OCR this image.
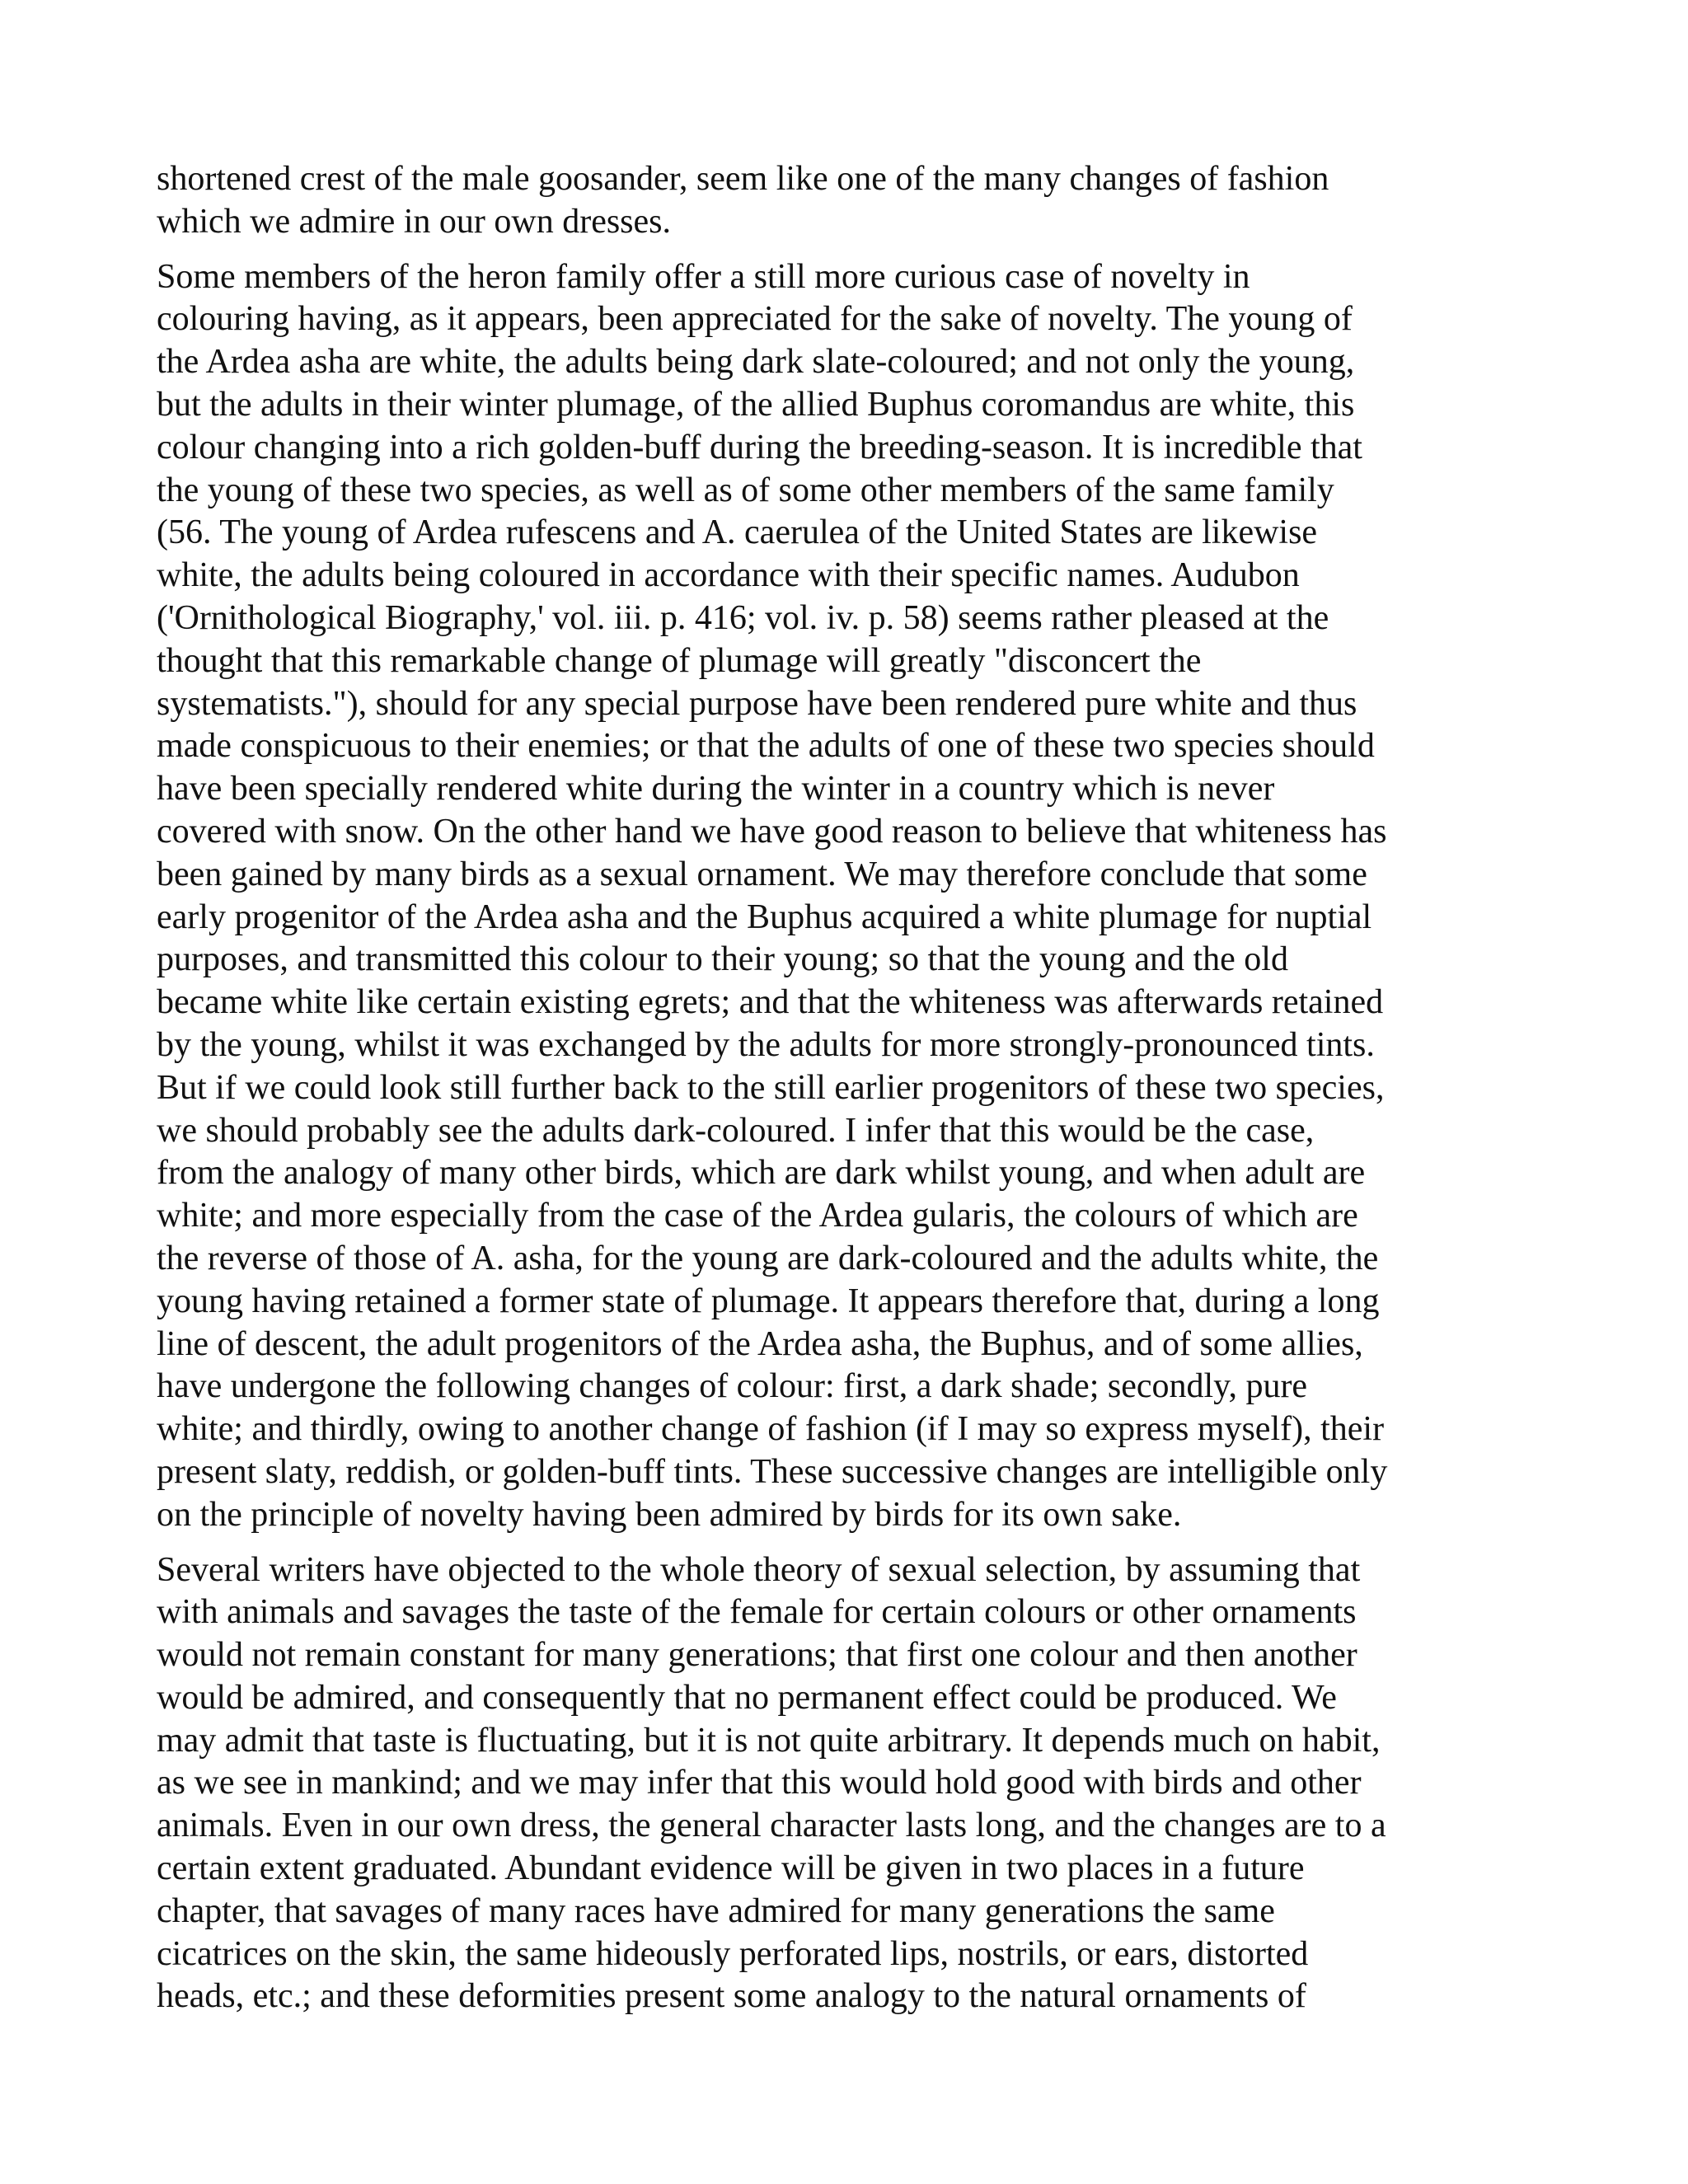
shortened crest of the male goosander, seem like one of the many changes of fashion
which we admire in our own dresses.
Some members of the heron family offer a still more curious case of novelty in
colouring having, as it appears, been appreciated for the sake of novelty. The young of
the Ardea asha are white, the adults being dark slate-coloured; and not only the young,
but the adults in their winter plumage, of the allied Buphus coromandus are white, this
colour changing into a rich golden-buff during the breeding-season. It is incredible that
the young of these two species, as well as of some other members of the same family
(56. The young of Ardea rufescens and A. caerulea of the United States are likewise
white, the adults being coloured in accordance with their specific names. Audubon
('Ornithological Biography,' vol. iii. p. 416; vol. iv. p. 58) seems rather pleased at the
thought that this remarkable change of plumage will greatly "disconcert the
systematists."), should for any special purpose have been rendered pure white and thus
made conspicuous to their enemies; or that the adults of one of these two species should
have been specially rendered white during the winter in a country which is never
covered with snow. On the other hand we have good reason to believe that whiteness has
been gained by many birds as a sexual ornament. We may therefore conclude that some
early progenitor of the Ardea asha and the Buphus acquired a white plumage for nuptial
purposes, and transmitted this colour to their young; so that the young and the old
became white like certain existing egrets; and that the whiteness was afterwards retained
by the young, whilst it was exchanged by the adults for more strongly-pronounced tints.
But if we could look still further back to the still earlier progenitors of these two species,
we should probably see the adults dark-coloured. I infer that this would be the case,
from the analogy of many other birds, which are dark whilst young, and when adult are
white; and more especially from the case of the Ardea gularis, the colours of which are
the reverse of those of A. asha, for the young are dark-coloured and the adults white, the
young having retained a former state of plumage. It appears therefore that, during a long
line of descent, the adult progenitors of the Ardea asha, the Buphus, and of some allies,
have undergone the following changes of colour: first, a dark shade; secondly, pure
white; and thirdly, owing to another change of fashion (if I may so express myself), their
present slaty, reddish, or golden-buff tints. These successive changes are intelligible only
on the principle of novelty having been admired by birds for its own sake.
Several writers have objected to the whole theory of sexual selection, by assuming that
with animals and savages the taste of the female for certain colours or other ornaments
would not remain constant for many generations; that first one colour and then another
would be admired, and consequently that no permanent effect could be produced. We
may admit that taste is fluctuating, but it is not quite arbitrary. It depends much on habit,
as we see in mankind; and we may infer that this would hold good with birds and other
animals. Even in our own dress, the general character lasts long, and the changes are to a
certain extent graduated. Abundant evidence will be given in two places in a future
chapter, that savages of many races have admired for many generations the same
cicatrices on the skin, the same hideously perforated lips, nostrils, or ears, distorted
heads, etc.; and these deformities present some analogy to the natural ornaments of
